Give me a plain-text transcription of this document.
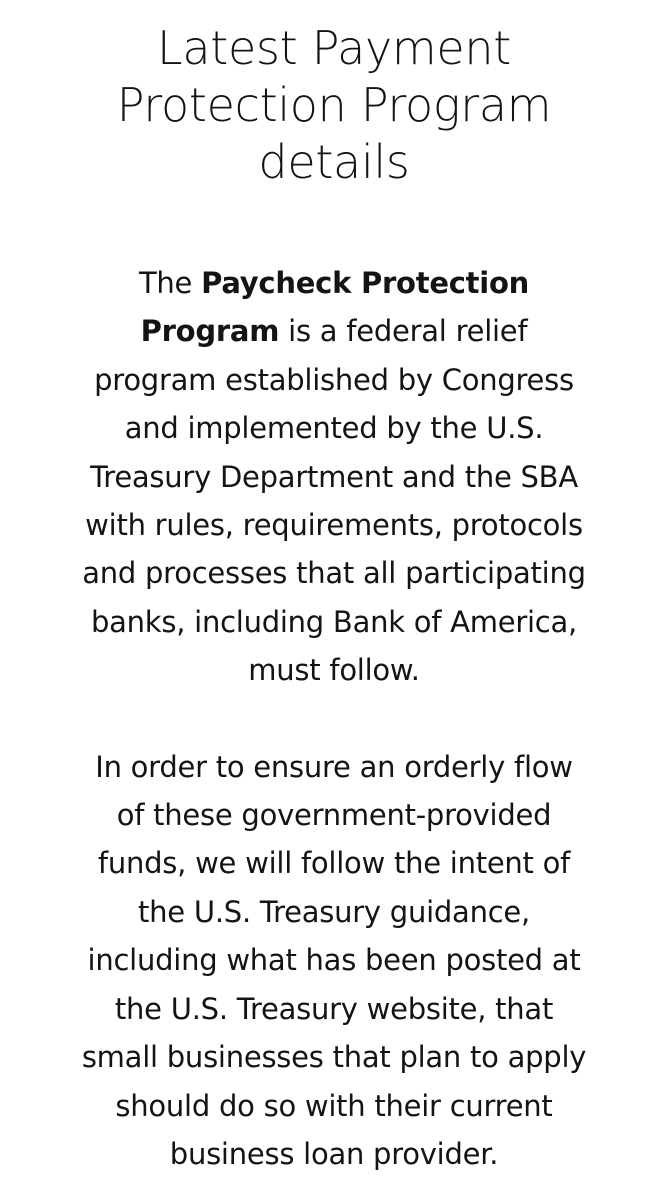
Latest Payment
Protection Program
details

The Paycheck Protection
Program is a federal relief
program established by Congress
and implemented by the U.S.
Treasury Department and the SBA
with rules, requirements, protocols
and processes that all participating
banks, including Bank of America,
must follow.

In order to ensure an orderly flow
of these government-provided
funds, we will follow the intent of
the U.S. Treasury guidance,
including what has been posted at
the U.S. Treasury website, that
small businesses that plan to apply
should do so with their current
business loan provider.
